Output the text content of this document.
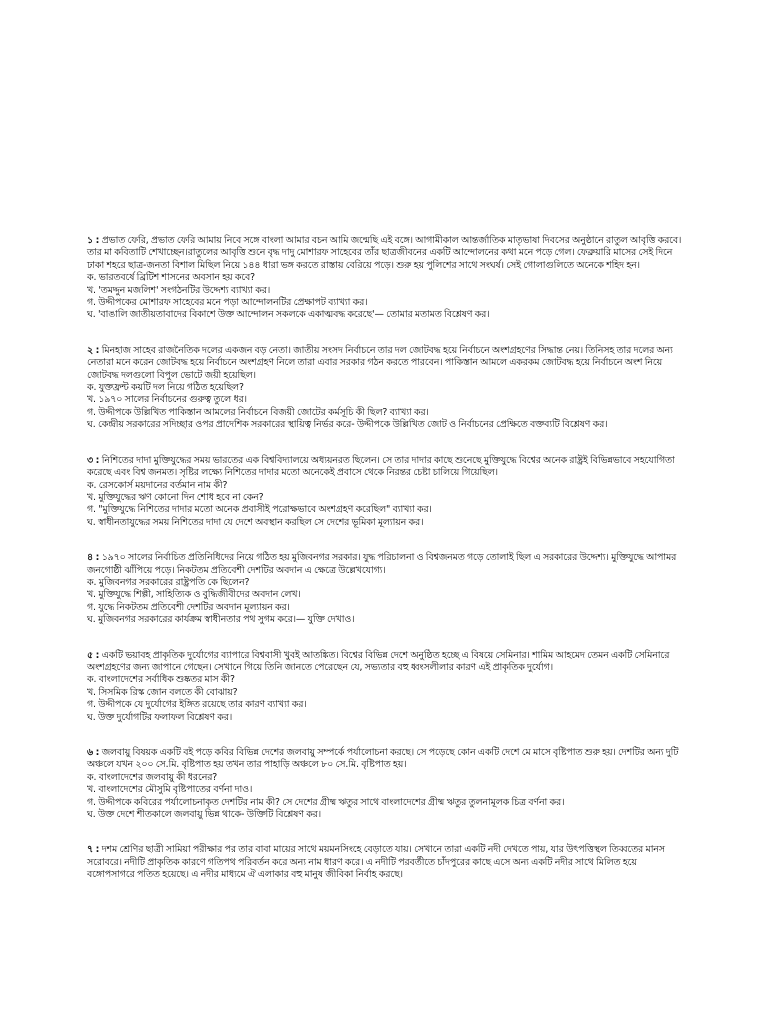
১ : প্রভাত ফেরি, প্রভাত ফেরি আমায় নিবে সঙ্গে বাংলা আমার বচন আমি জন্মেছি এই বঙ্গে। আগামীকাল আন্তর্জাতিক মাতৃভাষা দিবসের অনুষ্ঠানে রাতুল আবৃত্তি করবে। তার মা কবিতাটি শেখাচ্ছেন।রাতুলের আবৃত্তি শুনে বৃদ্ধ দাদু মোশারফ সাহেবের তাঁর ছাত্রজীবনের একটি আন্দোলনের কথা মনে পড়ে গেল। ফেব্রুয়ারি মাসের সেই দিনে ঢাকা শহরে ছাত্র-জনতা বিশাল মিছিল নিয়ে ১৪৪ ধারা ভঙ্গ করতে রাস্তায় বেরিয়ে পড়ে। শুরু হয় পুলিশের সাথে সংঘর্ষ। সেই গোলাগুলিতে অনেকে শহিদ হন।

ক. ভারতবর্ষে ব্রিটিশ শাসনের অবসান হয় কবে?
খ. 'তমদ্দুন মজলিশ' সংগঠনটির উদ্দেশ্য ব্যাখ্যা কর।
গ. উদ্দীপকের মোশারফ সাহেবের মনে পড়া আন্দোলনটির প্রেক্ষাপট ব্যাখ্যা কর।
ঘ. 'বাঙালি জাতীয়তাবাদের বিকাশে উক্ত আন্দোলন সকলকে একাত্মবদ্ধ করেছে'— তোমার মতামত বিশ্লেষণ কর।

২ : মিনহাজ সাহেব রাজনৈতিক দলের একজন বড় নেতা। জাতীয় সংসদ নির্বাচনে তার দল জোটবদ্ধ হয়ে নির্বাচনে অংশগ্রহণের সিদ্ধান্ত নেয়। তিনিসহ তার দলের অন্য নেতারা মনে করেন জোটবদ্ধ হয়ে নির্বাচনে অংশগ্রহণ নিলে তারা এবার সরকার গঠন করতে পারবেন। পাকিস্তান আমলে একরকম জোটবদ্ধ হয়ে নির্বাচনে অংশ নিয়ে জোটবদ্ধ দলগুলো বিপুল ভোটে জয়ী হয়েছিল।

ক. যুক্তফ্রন্ট কয়টি দল নিয়ে গঠিত হয়েছিল?
খ. ১৯৭০ সালের নির্বাচনের গুরুত্ব তুলে ধর।
গ. উদ্দীপকে উল্লিখিত পাকিস্তান আমলের নির্বাচনে বিজয়ী জোটের কর্মসূচি কী ছিল? ব্যাখ্যা কর।
ঘ. কেন্দ্রীয় সরকারের সদিচ্ছার ওপর প্রাদেশিক সরকারের স্থায়িত্ব নির্ভর করে- উদ্দীপকে উল্লিখিত জোট ও নির্বাচনের প্রেক্ষিতে বক্তব্যটি বিশ্লেষণ কর।

৩ : নিশিতের দাদা মুক্তিযুদ্ধের সময় ভারতের এক বিশ্ববিদ্যালয়ে অধ্যয়নরত ছিলেন। সে তার দাদার কাছে শুনেছে মুক্তিযুদ্ধে বিশ্বের অনেক রাষ্ট্রই বিভিন্নভাবে সহযোগিতা করেছে এবং বিশ্ব জনমত। সৃষ্টির লক্ষ্যে নিশিতের দাদার মতো অনেকেই প্রবাসে থেকে নিরন্তর চেষ্টা চালিয়ে গিয়েছিল।

ক. রেসকোর্স ময়দানের বর্তমান নাম কী?
খ. মুক্তিযুদ্ধের ঋণ কোনো দিন শোধ হবে না কেন?
গ. "মুক্তিযুদ্ধে নিশিতের দাদার মতো অনেক প্রবাসীই পরোক্ষভাবে অংশগ্রহণ করেছিল" ব্যাখ্যা কর।
ঘ. স্বাধীনতাযুদ্ধের সময় নিশিতের দাদা যে দেশে অবস্থান করছিল সে দেশের ভূমিকা মূল্যায়ন কর।

৪ : ১৯৭০ সালের নির্বাচিত প্রতিনিধিদের নিয়ে গঠিত হয় মুজিবনগর সরকার। যুদ্ধ পরিচালনা ও বিশ্বজনমত গড়ে তোলাই ছিল এ সরকারের উদ্দেশ্য। মুক্তিযুদ্ধে আপামর জনগোষ্ঠী ঝাঁপিয়ে পড়ে। নিকটতম প্রতিবেশী দেশটির অবদান এ ক্ষেত্রে উল্লেখযোগ্য।

ক. মুজিবনগর সরকারের রাষ্ট্রপতি কে ছিলেন?
খ. মুক্তিযুদ্ধে শিল্পী, সাহিত্যিক ও বুদ্ধিজীবীদের অবদান লেখ।
গ. যুদ্ধে নিকটতম প্রতিবেশী দেশটির অবদান মূল্যায়ন কর।
ঘ. মুজিবনগর সরকারের কার্যক্রম স্বাধীনতার পথ সুগম করে।— যুক্তি দেখাও।

৫ : একটি ভয়াবহ প্রাকৃতিক দুর্যোগের ব্যাপারে বিশ্ববাসী খুবই আতঙ্কিত। বিশ্বের বিভিন্ন দেশে অনুষ্ঠিত হচ্ছে এ বিষয়ে সেমিনার। শামিম আহমেদ তেমন একটি সেমিনারে অংশগ্রহণের জন্য জাপানে গেছেন। সেখানে গিয়ে তিনি জানতে পেরেছেন যে, সভ্যতার বহু ধ্বংসলীলার কারণ এই প্রাকৃতিক দুর্যোগ।

ক. বাংলাদেশের সর্বাধিক শুষ্কতর মাস কী?
খ. সিসমিক রিস্ক জোন বলতে কী বোঝায়?
গ. উদ্দীপকে যে দুর্যোগের ইঙ্গিত রয়েছে তার কারণ ব্যাখ্যা কর।
ঘ. উক্ত দুর্যোগটির ফলাফল বিশ্লেষণ কর।

৬ : জলবায়ু বিষয়ক একটি বই পড়ে কবির বিভিন্ন দেশের জলবায়ু সম্পর্কে পর্যালোচনা করছে। সে পড়েছে কোন একটি দেশে মে মাসে বৃষ্টিপাত শুরু হয়। দেশটির অন্য দুটি অঞ্চলে যখন ২০০ সে.মি. বৃষ্টিপাত হয় তখন তার পাহাড়ি অঞ্চলে ৮০ সে.মি. বৃষ্টিপাত হয়।

ক. বাংলাদেশের জলবায়ু কী ধরনের?
খ. বাংলাদেশের মৌসুমি বৃষ্টিপাতের বর্ণনা দাও।
গ. উদ্দীপকে কবিরের পর্যালোচনাকৃত দেশটির নাম কী? সে দেশের গ্রীষ্ম ঋতুর সাথে বাংলাদেশের গ্রীষ্ম ঋতুর তুলনামূলক চিত্র বর্ণনা কর।
ঘ. উক্ত দেশে শীতকালে জলবায়ু ভিন্ন থাকে- উক্তিটি বিশ্লেষণ কর।

৭ : দশম শ্রেণির ছাত্রী সামিয়া পরীক্ষার পর তার বাবা মায়ের সাথে ময়মনসিংহে বেড়াতে যায়। সেখানে তারা একটি নদী দেখতে পায়, যার উৎপত্তিস্থল তিব্বতের মানস সরোবরে। নদীটি প্রাকৃতিক কারণে গতিপথ পরিবর্তন করে অন্য নাম ধারণ করে। এ নদীটি পরবর্তীতে চাঁদপুরের কাছে এসে অন্য একটি নদীর সাথে মিলিত হয়ে বঙ্গোপসাগরে পতিত হয়েছে। এ নদীর মাধ্যমে ঐ এলাকার বহু মানুষ জীবিকা নির্বাহ করছে।
